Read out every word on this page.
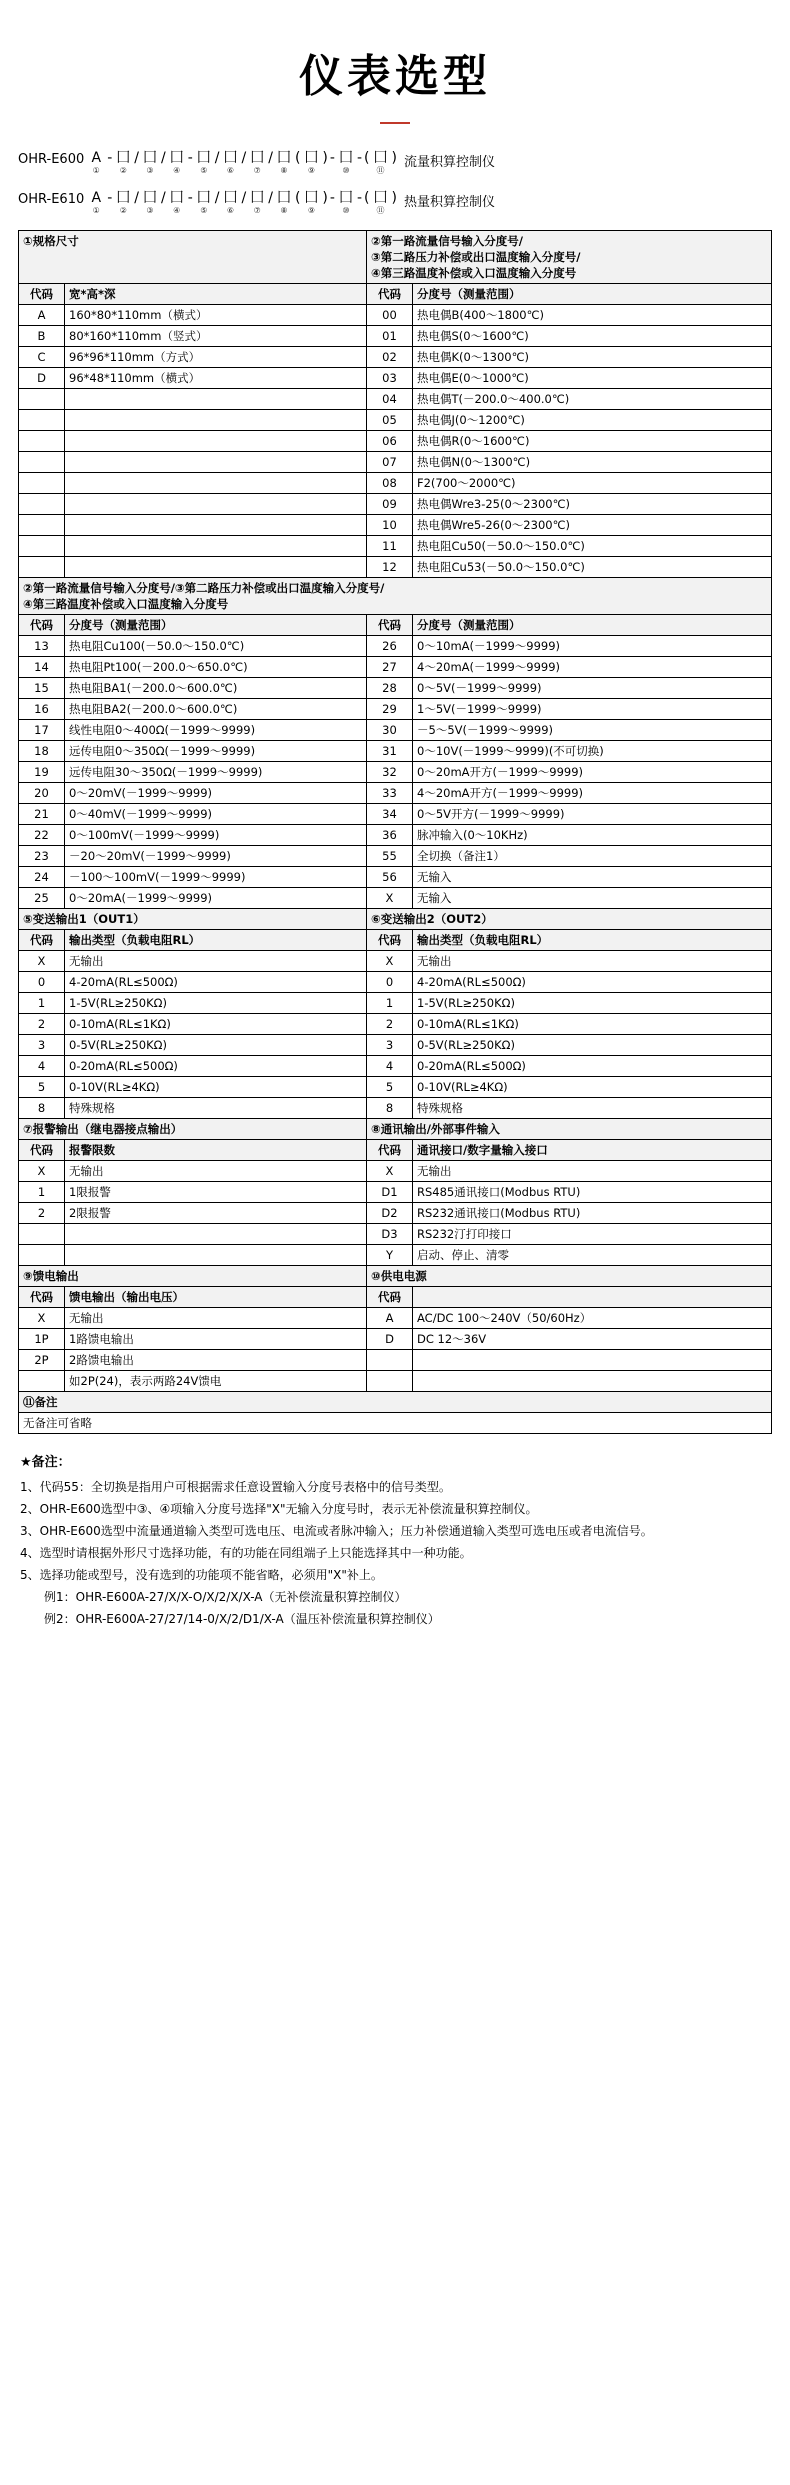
仪表选型
OHR-E600 A
①
- 囗
②
/ 囗
③
/ 囗
④
- 囗
⑤
/ 囗
⑥
/ 囗
⑦
/ 囗
⑧
( 囗
⑨
) - 囗
⑩
- ( 囗
⑪
) 流量积算控制仪
OHR-E610 A
①
- 囗
②
/ 囗
③
/ 囗
④
- 囗
⑤
/ 囗
⑥
/ 囗
⑦
/ 囗
⑧
( 囗
⑨
) - 囗
⑩
- ( 囗
⑪
) 热量积算控制仪
①规格尺寸		②第一路流量信号输入分度号/
③第二路压力补偿或出口温度输入分度号/
④第三路温度补偿或入口温度输入分度号	

代码	宽*高*深	代码	分度号（测量范围）
A	160*80*110mm（横式）	00	热电偶B(400～1800℃)
B	80*160*110mm（竖式）	01	热电偶S(0～1600℃)
C	96*96*110mm（方式）	02	热电偶K(0～1300℃)
D	96*48*110mm（横式）	03	热电偶E(0～1000℃)
		04	热电偶T(－200.0～400.0℃)
		05	热电偶J(0～1200℃)
		06	热电偶R(0～1600℃)
		07	热电偶N(0～1300℃)
		08	F2(700～2000℃)
		09	热电偶Wre3-25(0～2300℃)
		10	热电偶Wre5-26(0～2300℃)
		11	热电阻Cu50(－50.0～150.0℃)
		12	热电阻Cu53(－50.0～150.0℃)

②第一路流量信号输入分度号/③第二路压力补偿或出口温度输入分度号/
④第三路温度补偿或入口温度输入分度号			

代码	分度号（测量范围）	代码	分度号（测量范围）
13	热电阻Cu100(－50.0～150.0℃)	26	0～10mA(－1999～9999)
14	热电阻Pt100(－200.0～650.0℃)	27	4～20mA(－1999～9999)
15	热电阻BA1(－200.0～600.0℃)	28	0～5V(－1999～9999)
16	热电阻BA2(－200.0～600.0℃)	29	1～5V(－1999～9999)
17	线性电阻0～400Ω(－1999～9999)	30	－5～5V(－1999～9999)
18	远传电阻0～350Ω(－1999～9999)	31	0～10V(－1999～9999)(不可切换)
19	远传电阻30～350Ω(－1999～9999)	32	0～20mA开方(－1999～9999)
20	0～20mV(－1999～9999)	33	4～20mA开方(－1999～9999)
21	0～40mV(－1999～9999)	34	0～5V开方(－1999～9999)
22	0～100mV(－1999～9999)	36	脉冲输入(0～10KHz)
23	－20～20mV(－1999～9999)	55	全切换（备注1）
24	－100～100mV(－1999～9999)	56	无输入
25	0～20mA(－1999～9999)	X	无输入
⑤变送输出1（OUT1）		⑥变送输出2（OUT2）	
代码	输出类型（负载电阻RL）	代码	输出类型（负载电阻RL）
X	无输出	X	无输出
0	4-20mA(RL≤500Ω)	0	4-20mA(RL≤500Ω)
1	1-5V(RL≥250KΩ)	1	1-5V(RL≥250KΩ)
2	0-10mA(RL≤1KΩ)	2	0-10mA(RL≤1KΩ)
3	0-5V(RL≥250KΩ)	3	0-5V(RL≥250KΩ)
4	0-20mA(RL≤500Ω)	4	0-20mA(RL≤500Ω)
5	0-10V(RL≥4KΩ)	5	0-10V(RL≥4KΩ)
8	特殊规格	8	特殊规格
⑦报警输出（继电器接点输出）		⑧通讯输出/外部事件输入	
代码	报警限数	代码	通讯接口/数字量输入接口
X	无输出	X	无输出
1	1限报警	D1	RS485通讯接口(Modbus RTU)
2	2限报警	D2	RS232通讯接口(Modbus RTU)
		D3	RS232汀打印接口
		Y	启动、停止、清零
⑨馈电输出		⑩供电电源	
代码	馈电输出（输出电压）	代码	
X	无输出	A	AC/DC 100～240V（50/60Hz）
1P	1路馈电输出	D	DC 12～36V
2P	2路馈电输出		
	如2P(24)，表示两路24V馈电		
⑪备注			
无备注可省略			

★备注：

1、代码55：全切换是指用户可根据需求任意设置输入分度号表格中的信号类型。

2、OHR-E600选型中③、④项输入分度号选择"X"无输入分度号时，表示无补偿流量积算控制仪。

3、OHR-E600选型中流量通道输入类型可选电压、电流或者脉冲输入；压力补偿通道输入类型可选电压或者电流信号。

4、选型时请根据外形尺寸选择功能，有的功能在同组端子上只能选择其中一种功能。

5、选择功能或型号，没有选到的功能项不能省略，必须用"X"补上。

例1：OHR-E600A-27/X/X-O/X/2/X/X-A（无补偿流量积算控制仪）

例2：OHR-E600A-27/27/14-0/X/2/D1/X-A（温压补偿流量积算控制仪）
